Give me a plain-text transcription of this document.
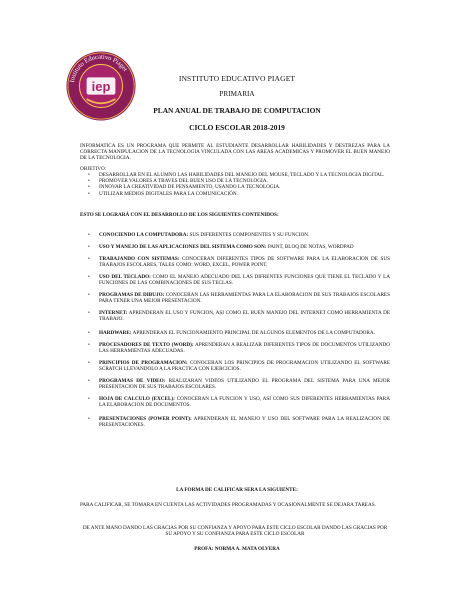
Instituto Educativo Piaget
iep
INSTITUTO EDUCATIVO PIAGET
PRIMARIA
PLAN ANUAL DE TRABAJO DE COMPUTACION
CICLO ESCOLAR 2018-2019
INFORMATICA ES UN PROGRAMA QUE PERMITE AL ESTUDIANTE DESARROLLAR HABILIDADES Y DESTREZAS PARA LA CORRECTA MANIPULACION DE LA TECNOLOGIA VINCULADA CON LAS AREAS ACADEMICAS Y PROMOVER EL BUEN MANEJO DE LA TECNOLOGIA.
OBJETIVO:
• DESARROLLAR EN EL ALUMNO LAS HABILIDADES DEL MANEJO DEL MOUSE, TECLADO Y LA TECNOLOGIA DIGITAL.
• PROMOVER VALORES A TRAVES DEL BUEN USO DE LA TECNOLOGIA.
• INNOVAR LA CREATIVIDAD DE PENSAMIENTO, USANDO LA TECNOLOGIA.
• UTILIZAR MEDIOS DIGITALES PARA LA COMUNICACIÓN.
ESTO SE LOGRARÁ CON EL DESARROLLO DE LOS SIGUIENTES CONTENIDOS:
• CONOCIENDO LA COMPUTADORA: SUS DIFERENTES COMPONENTES Y SU FUNCION.
• USO Y MANEJO DE LAS APLICACIONES DEL SISTEMA COMO SON: PAINT, BLOQ DE NOTAS, WORDPAD
• TRABAJANDO CON SISTEMAS: CONOCERAN DIFERENTES TIPOS DE SOFTWARE PARA LA ELABORACION DE SUS TRABAJOS ESCOLARES, TALES COMO: WORD, EXCEL, POWER POINT.
• USO DEL TECLADO: COMO EL MANEJO ADECUADO DEL LAS DIFRENTES FUNCIONES QUE TIENE EL TECLADO Y LA FUNCIONES DE LAS COMBINACIONES DE SUS TECLAS.
• PROGRAMAS DE DIBUJO: CONOCERAN LAS HERRAMIENTAS PARA LA ELABORACION DE SUS TRABAJOS ESCOLARES PARA TENER UNA MEJOR PRESENTACION.
• INTERNET: APRENDERAN EL USO Y FUNCION, ASI COMO EL BUEN MANEJO DEL INTERNET COMO HERRAMIENTA DE TRABAJO.
• HARDWARE: APRENDERAN EL FUNCIONAMIENTO PRINCIPAL DE ALGUNOS ELEMENTOS DE LA COMPUTADORA.
• PROCESADORES DE TEXTO (WORD): APRENDERAN A REALIZAR DIFERENTES TIPOS DE DOCUMENTOS UTILIZANDO LAS HERRAMIENTAS ADECUADAS.
• PRINCIPIOS DE PROGRAMACION: CONOCERAN LOS PRINCIPIOS DE PROGRAMACION UTILIZANDO EL SOFTWARE SCRATCH LLEVANDOLO A LA PRACTICA CON EJERCICIOS.
• PROGRAMAS DE VIDEO: REALIZARAN VIDEOS UTILIZANDO EL PROGRAMA DEL SISTEMA PARA UNA MEJOR PRESENTACION DE SUS TRABAJOS ESCOLARES.
• HOJA DE CALCULO (EXCEL): CONOCERAN LA FUNCION Y USO, ASI COMO SUS DIFERENTES HERRAMIENTAS PARA LA ELABORACION DE DOCUMENTOS.
• PRESENTACIONES (POWER POINT): APRENDERAN EL MANEJO Y USO DEL SOFTWARE PARA LA REALIZACION DE PRESENTACIONES.
LA FORMA DE CALIFICAR SERA LA SIGUIENTE:
PARA CALIFICAR, SE TOMARA EN CUENTA LAS ACTIVIDADES PROGRAMADAS Y OCASIONALMENTE SE DEJARA TAREAS.
DE ANTE MANO DANDO LAS GRACIAS POR SU CONFIANZA Y APOYO PARA ESTE CICLO ESCOLAR DANDO LAS GRACIAS POR SU APOYO Y SU CONFIANZA PARA ESTE CICLO ESCOLAR
PROFA: NORMA A. MATA OLVERA
